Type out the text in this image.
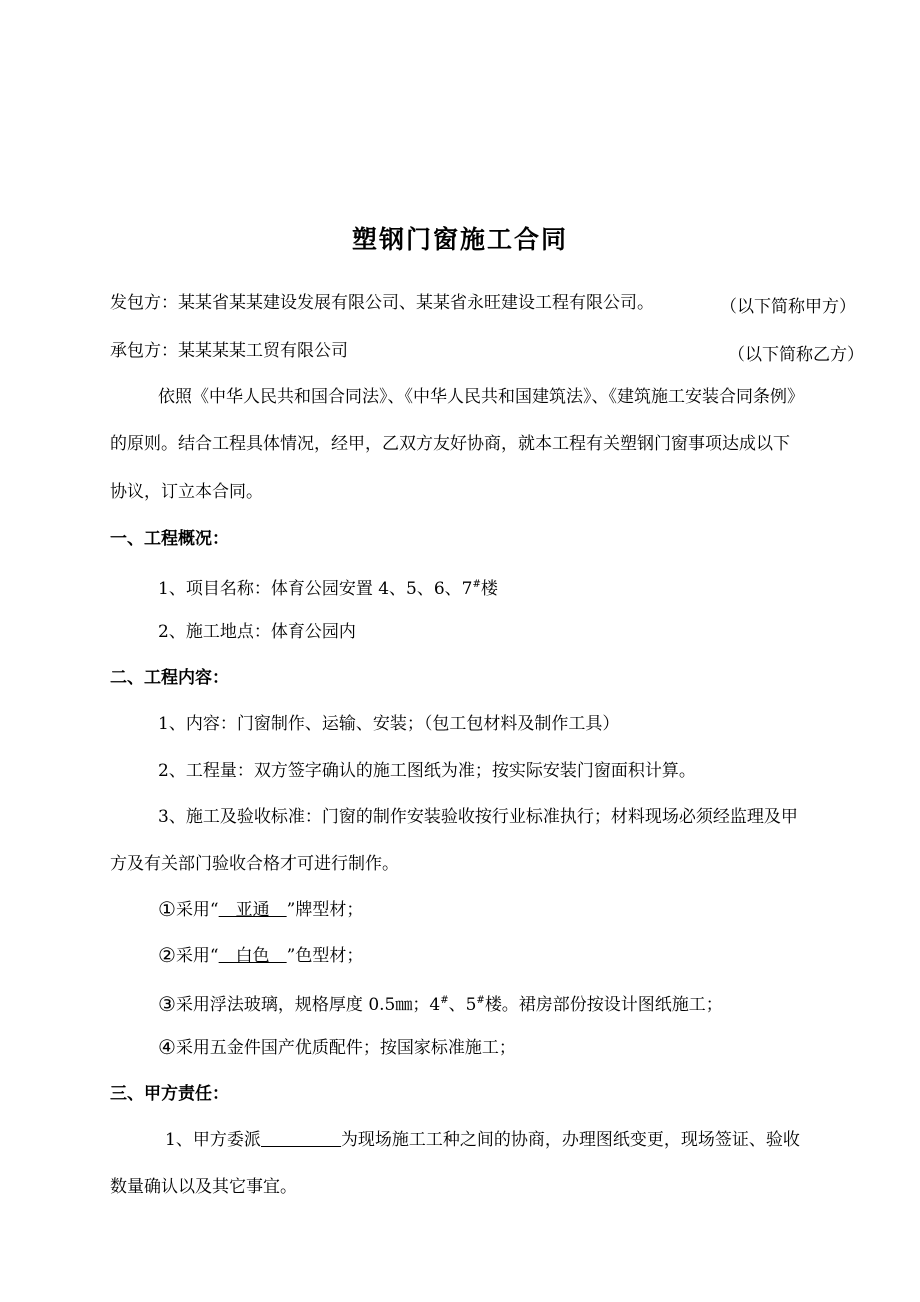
塑钢门窗施工合同
发包方：某某省某某建设发展有限公司、某某省永旺建设工程有限公司。	（以下简称甲方）
承包方：某某某某工贸有限公司	（以下简称乙方）
依照《中华人民共和国合同法》、《中华人民共和国建筑法》、《建筑施工安装合同条例》
的原则。结合工程具体情况，经甲，乙双方友好协商，就本工程有关塑钢门窗事项达成以下
协议，订立本合同。
一、工程概况：
1、项目名称：体育公园安置 4、5、6、7#楼
2、施工地点：体育公园内
二、工程内容：
1、内容：门窗制作、运输、安装；（包工包材料及制作工具）
2、工程量：双方签字确认的施工图纸为准；按实际安装门窗面积计算。
3、施工及验收标准：门窗的制作安装验收按行业标准执行；材料现场必须经监理及甲
方及有关部门验收合格才可进行制作。
①采用“　亚通　”牌型材；
②采用“　白色　”色型材；
③采用浮法玻璃，规格厚度 0.5㎜；4#、5#楼。裙房部份按设计图纸施工；
④采用五金件国产优质配件；按国家标准施工；
三、甲方责任：
1、甲方委派	为现场施工工种之间的协商，办理图纸变更，现场签证、验收
数量确认以及其它事宜。
